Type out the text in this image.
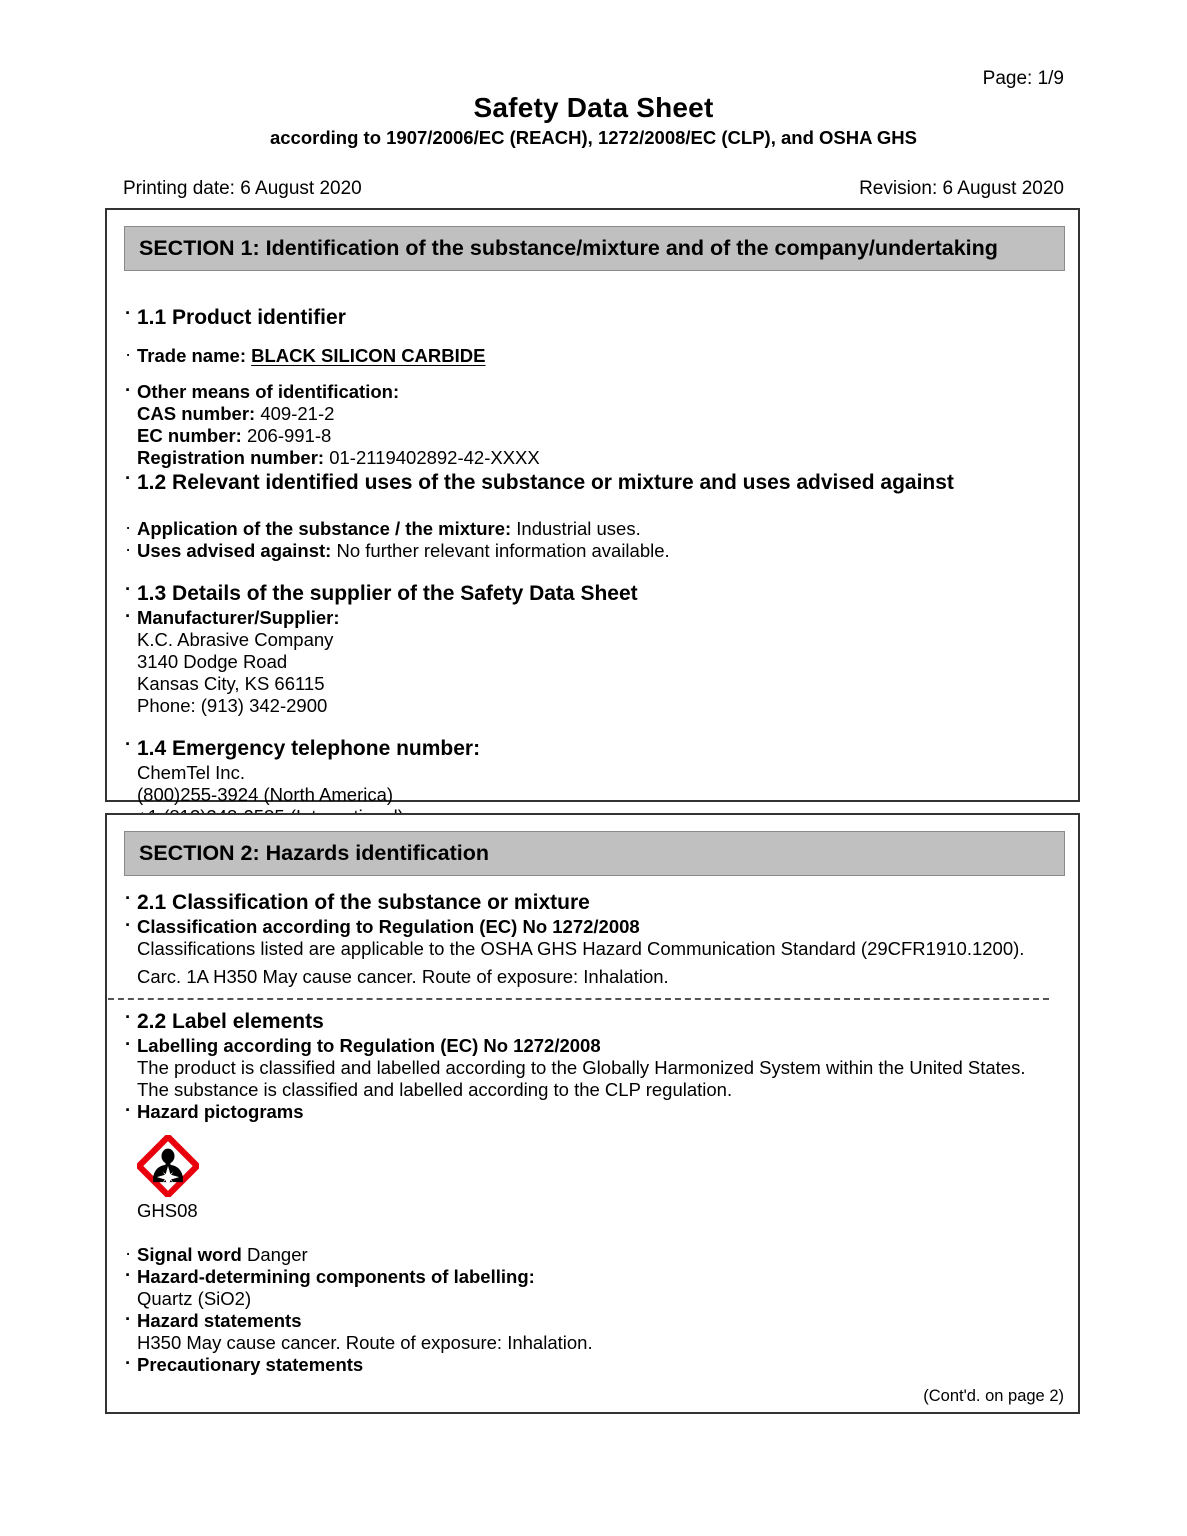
Page: 1/9
Safety Data Sheet
according to 1907/2006/EC (REACH), 1272/2008/EC (CLP), and OSHA GHS
Printing date: 6 August 2020	Revision: 6 August 2020
SECTION 1: Identification of the substance/mixture and of the company/undertaking
· 1.1 Product identifier
· Trade name: BLACK SILICON CARBIDE
· Other means of identification:
CAS number: 409-21-2
EC number: 206-991-8
Registration number: 01-2119402892-42-XXXX
· 1.2 Relevant identified uses of the substance or mixture and uses advised against
· Application of the substance / the mixture: Industrial uses.
· Uses advised against: No further relevant information available.
· 1.3 Details of the supplier of the Safety Data Sheet
· Manufacturer/Supplier:
K.C. Abrasive Company
3140 Dodge Road
Kansas City, KS 66115
Phone: (913) 342-2900
· 1.4 Emergency telephone number:
ChemTel Inc.
(800)255-3924 (North America)
SECTION 2: Hazards identification
· 2.1 Classification of the substance or mixture
· Classification according to Regulation (EC) No 1272/2008
Classifications listed are applicable to the OSHA GHS Hazard Communication Standard (29CFR1910.1200).
Carc. 1A H350 May cause cancer. Route of exposure: Inhalation.
· 2.2 Label elements
· Labelling according to Regulation (EC) No 1272/2008
The product is classified and labelled according to the Globally Harmonized System within the United States.
The substance is classified and labelled according to the CLP regulation.
· Hazard pictograms
GHS08
· Signal word Danger
· Hazard-determining components of labelling:
Quartz (SiO2)
· Hazard statements
H350 May cause cancer. Route of exposure: Inhalation.
· Precautionary statements
(Cont'd. on page 2)
